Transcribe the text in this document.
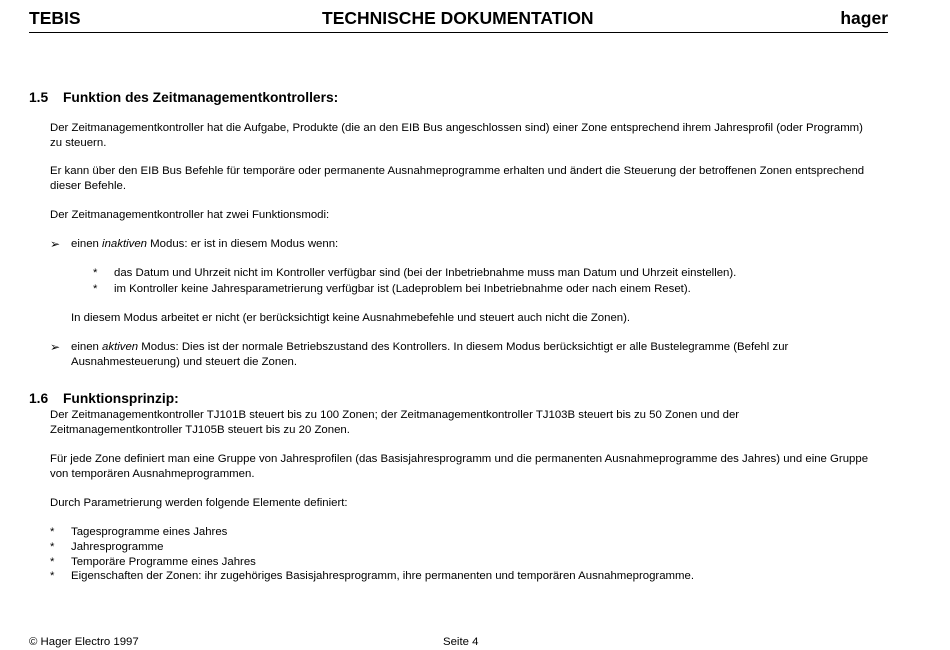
TEBIS	TECHNISCHE DOKUMENTATION	hager
1.5 Funktion des Zeitmanagementkontrollers:
Der Zeitmanagementkontroller hat die Aufgabe, Produkte (die an den EIB Bus angeschlossen sind) einer Zone entsprechend ihrem Jahresprofil (oder Programm)
zu steuern.
Er kann über den EIB Bus Befehle für temporäre oder permanente Ausnahmeprogramme erhalten und ändert die Steuerung der betroffenen Zonen entsprechend
dieser Befehle.
Der Zeitmanagementkontroller hat zwei Funktionsmodi:
➢ einen inaktiven Modus: er ist in diesem Modus wenn:
* das Datum und Uhrzeit nicht im Kontroller verfügbar sind (bei der Inbetriebnahme muss man Datum und Uhrzeit einstellen).
* im Kontroller keine Jahresparametrierung verfügbar ist (Ladeproblem bei Inbetriebnahme oder nach einem Reset).
In diesem Modus arbeitet er nicht (er berücksichtigt keine Ausnahmebefehle und steuert auch nicht die Zonen).
➢ einen aktiven Modus: Dies ist der normale Betriebszustand des Kontrollers. In diesem Modus berücksichtigt er alle Bustelegramme (Befehl zur
Ausnahmesteuerung) und steuert die Zonen.
1.6 Funktionsprinzip:
Der Zeitmanagementkontroller TJ101B steuert bis zu 100 Zonen; der Zeitmanagementkontroller TJ103B steuert bis zu 50 Zonen und der
Zeitmanagementkontroller TJ105B steuert bis zu 20 Zonen.
Für jede Zone definiert man eine Gruppe von Jahresprofilen (das Basisjahresprogramm und die permanenten Ausnahmeprogramme des Jahres) und eine Gruppe
von temporären Ausnahmeprogrammen.
Durch Parametrierung werden folgende Elemente definiert:
* Tagesprogramme eines Jahres
* Jahresprogramme
* Temporäre Programme eines Jahres
* Eigenschaften der Zonen: ihr zugehöriges Basisjahresprogramm, ihre permanenten und temporären Ausnahmeprogramme.
© Hager Electro 1997	Seite 4
